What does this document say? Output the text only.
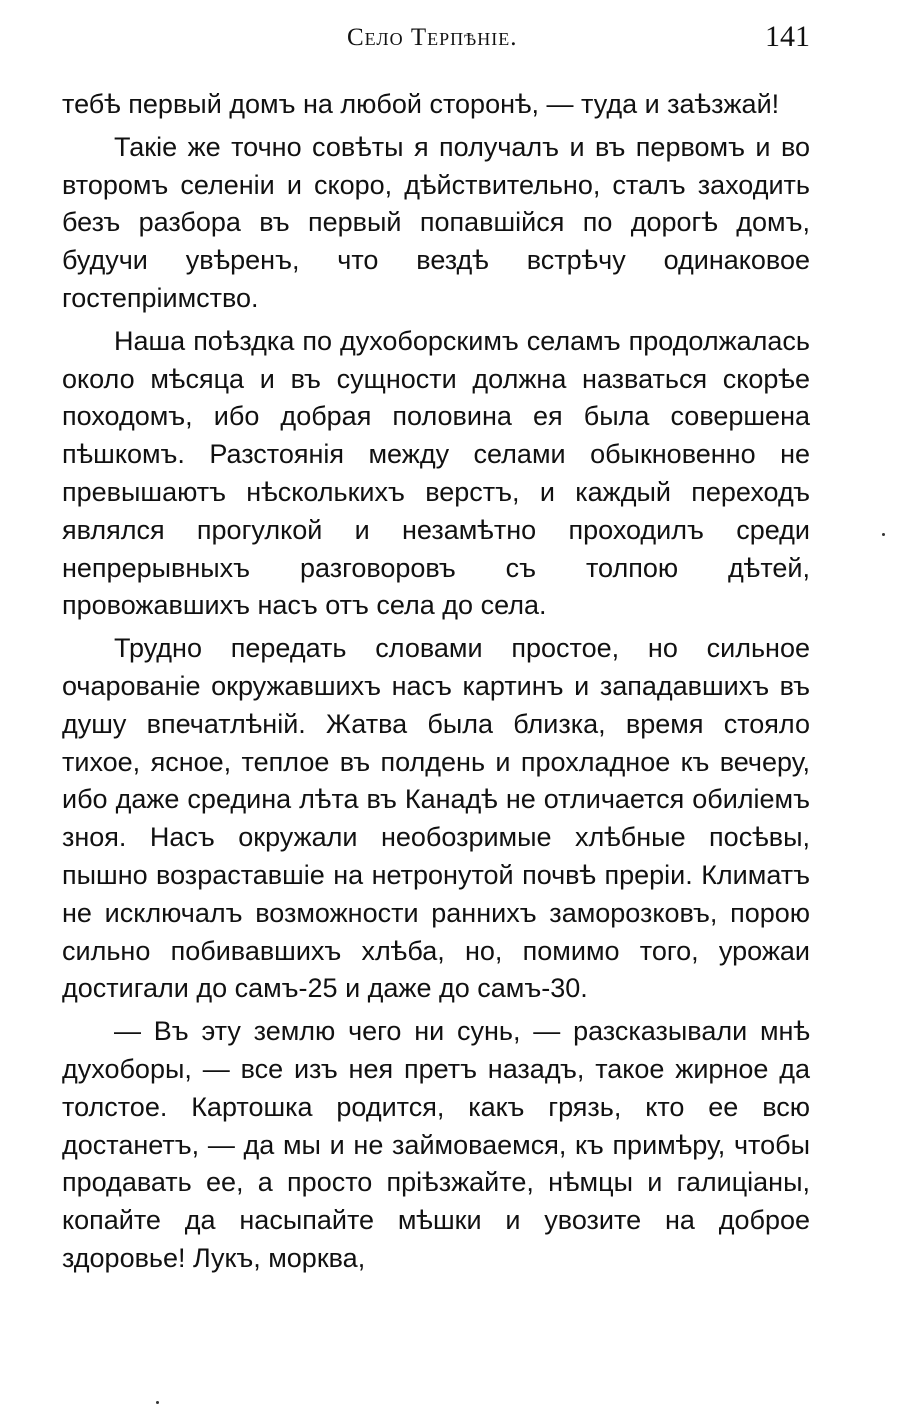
Село Терпѣніе.	141

тебѣ первый домъ на любой сторонѣ, — туда и заѣзжай!

Такіе же точно совѣты я получалъ и въ первомъ и во второмъ селеніи и скоро, дѣйствительно, сталъ заходить безъ разбора въ первый попавшійся по дорогѣ домъ, будучи увѣренъ, что вездѣ встрѣчу одинаковое гостепріимство.

Наша поѣздка по духоборскимъ селамъ продолжалась около мѣсяца и въ сущности должна назваться скорѣе походомъ, ибо добрая половина ея была совершена пѣшкомъ. Разстоянія между селами обыкновенно не превышаютъ нѣсколькихъ верстъ, и каждый переходъ являлся прогулкой и незамѣтно проходилъ среди непрерывныхъ разговоровъ съ толпою дѣтей, провожавшихъ насъ отъ села до села.

Трудно передать словами простое, но сильное очарованіе окружавшихъ насъ картинъ и западавшихъ въ душу впечатлѣній. Жатва была близка, время стояло тихое, ясное, теплое въ полдень и прохладное къ вечеру, ибо даже средина лѣта въ Канадѣ не отличается обиліемъ зноя. Насъ окружали необозримые хлѣбные посѣвы, пышно возраставшіе на нетронутой почвѣ преріи. Климатъ не исключалъ возможности раннихъ заморозковъ, порою сильно побивавшихъ хлѣба, но, помимо того, урожаи достигали до самъ-25 и даже до самъ-30.

— Въ эту землю чего ни сунь, — разсказывали мнѣ духоборы, — все изъ нея претъ назадъ, такое жирное да толстое. Картошка родится, какъ грязь, кто ее всю достанетъ, — да мы и не займоваемся, къ примѣру, чтобы продавать ее, а просто пріѣзжайте, нѣмцы и галиціаны, копайте да насыпайте мѣшки и увозите на доброе здоровье! Лукъ, морква,
